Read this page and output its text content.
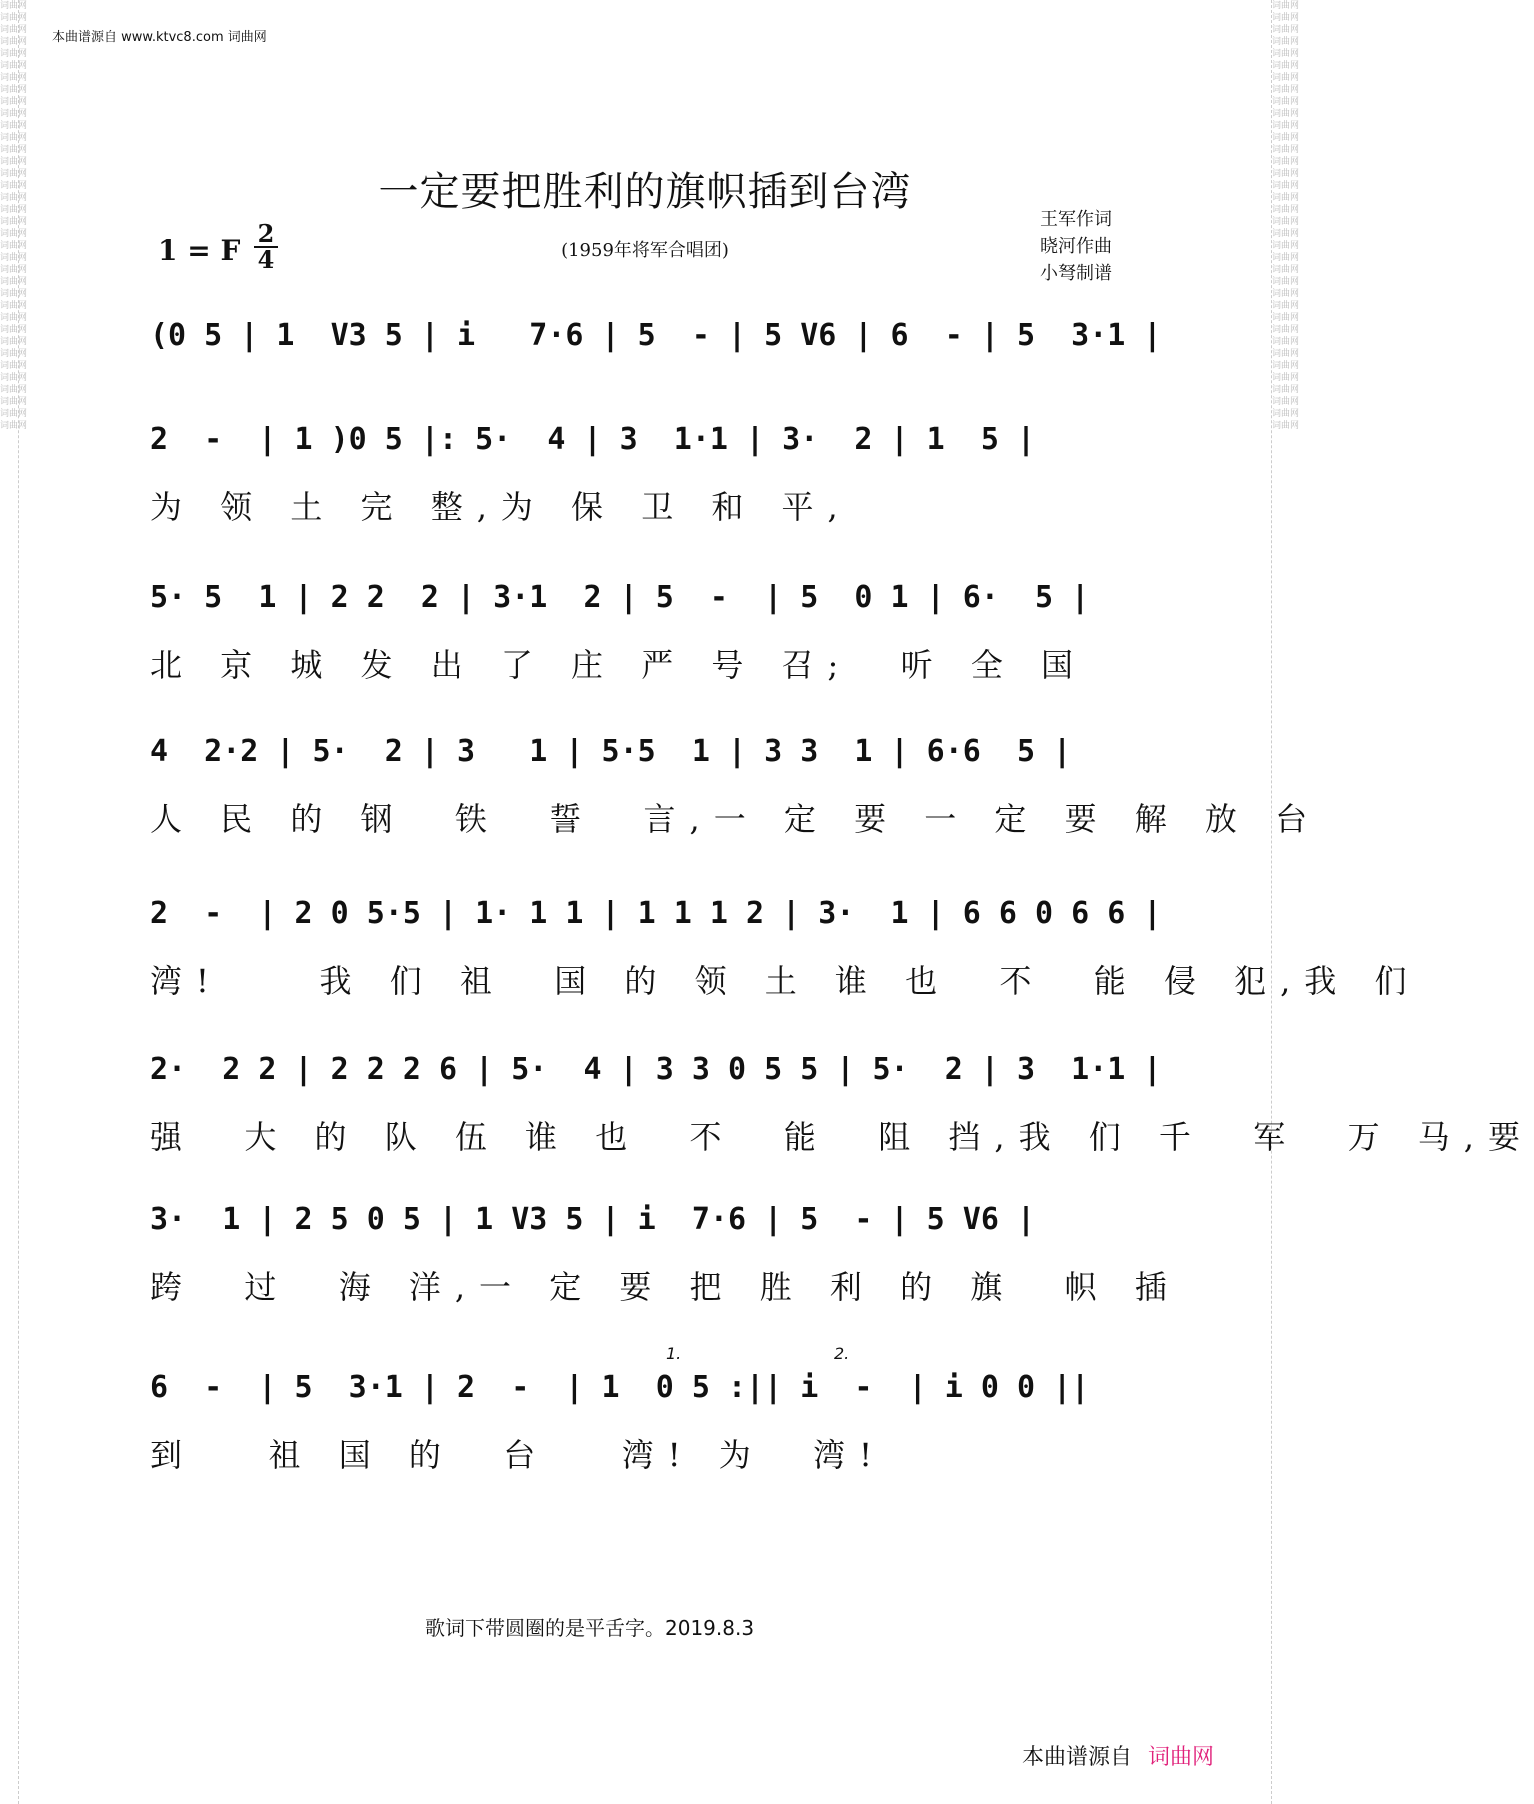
词曲网
词曲网
词曲网
词曲网
词曲网
词曲网
词曲网
词曲网
词曲网
词曲网
词曲网
词曲网
词曲网
词曲网
词曲网
词曲网
词曲网
词曲网
词曲网
词曲网
词曲网
词曲网
词曲网
词曲网
词曲网
词曲网
词曲网
词曲网
词曲网
词曲网
词曲网
词曲网
词曲网
词曲网
词曲网
词曲网

词曲网
词曲网
词曲网
词曲网
词曲网
词曲网
词曲网
词曲网
词曲网
词曲网
词曲网
词曲网
词曲网
词曲网
词曲网
词曲网
词曲网
词曲网
词曲网
词曲网
词曲网
词曲网
词曲网
词曲网
词曲网
词曲网
词曲网
词曲网
词曲网
词曲网
词曲网
词曲网
词曲网
词曲网
词曲网
词曲网

本曲谱源自 www.ktvc8.com 词曲网
一定要把胜利的旗帜插到台湾
(1959年将军合唱团)
王军作词
晓河作曲
小弩制谱
1 = F
2
4
(0 5 | 1  V3 5 | i   7·6 | 5  - | 5 V6 | 6  - | 5  3·1 |
2  -  | 1 )0 5 |: 5·  4 | 3  1·1 | 3·  2 | 1  5 |
为 领 土 完 整,为 保 卫 和 平,
5· 5  1 | 2 2  2 | 3·1  2 | 5  -  | 5  0 1 | 6·  5 |
北 京 城 发 出 了 庄 严 号 召;  听 全 国
4  2·2 | 5·  2 | 3   1 | 5·5  1 | 3 3  1 | 6·6  5 |
人 民 的 钢  铁  誓  言,一 定 要 一 定 要 解 放 台
2  -  | 2 0 5·5 | 1· 1 1 | 1 1 1 2 | 3·  1 | 6 6 0 6 6 |
湾!    我 们 祖  国 的 领 土 谁 也  不  能 侵 犯,我 们
2·  2 2 | 2 2 2 6 | 5·  4 | 3 3 0 5 5 | 5·  2 | 3  1·1 |
强  大 的 队 伍 谁 也  不  能  阻 挡,我 们 千  军  万 马,要
3·  1 | 2 5 0 5 | 1 V3 5 | i  7·6 | 5  - | 5 V6 |
跨  过  海 洋,一 定 要 把 胜 利 的 旗  帜 插
6  -  | 5  3·1 | 2  -  | 1  0 5 :|| i  -  | i 0 0 ||
到   祖 国 的  台   湾! 为  湾!
1.	2.
歌词下带圆圈的是平舌字。2019.8.3
本曲谱源自 词曲网
